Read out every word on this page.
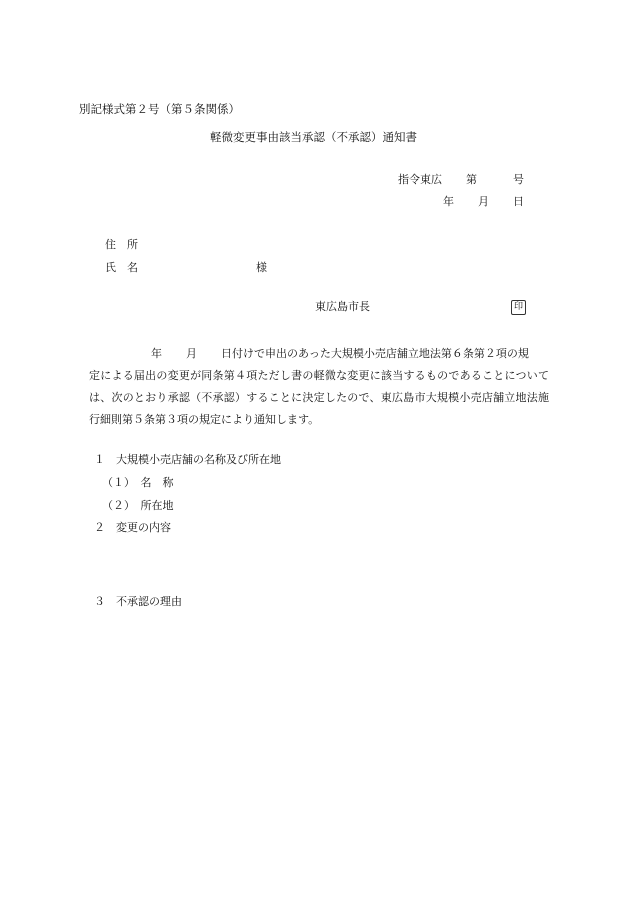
別記様式第２号（第５条関係）
軽微変更事由該当承認（不承認）通知書
指令東広 第	号
年 月 日
住　所
氏　名	様
東広島市長	印

年 月 日付けで申出のあった大規模小売店舗立地法第６条第２項の規

定による届出の変更が同条第４項ただし書の軽微な変更に該当するものであることについては、次のとおり承認（不承認）することに決定したので、東広島市大規模小売店舗立地法施行細則第５条第３項の規定により通知します。

１　大規模小売店舗の名称及び所在地
（１）　名　称
（２）　所在地
２　変更の内容
３　不承認の理由
